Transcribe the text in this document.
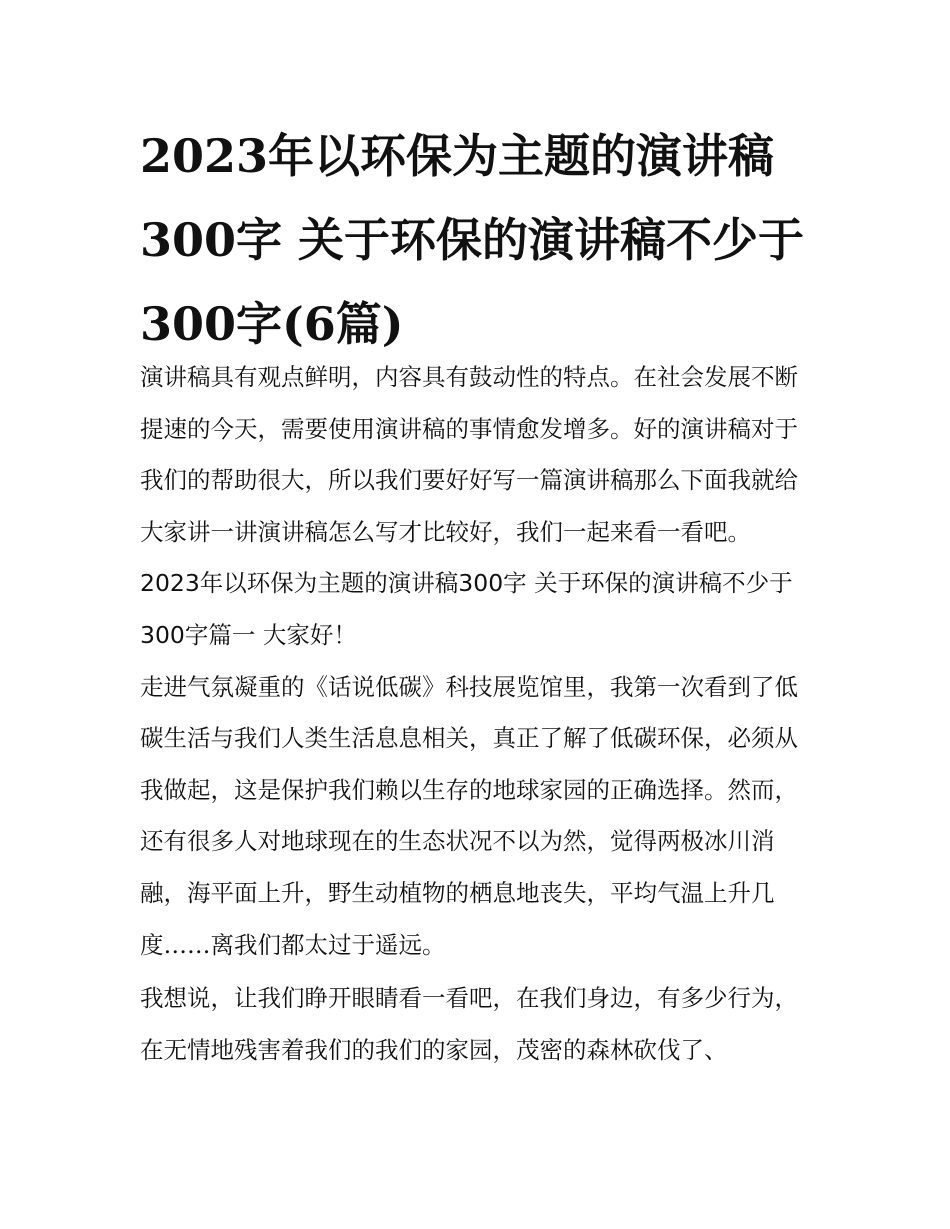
2023年以环保为主题的演讲稿300字 关于环保的演讲稿不少于300字(6篇)

演讲稿具有观点鲜明，内容具有鼓动性的特点。在社会发展不断提速的今天，需要使用演讲稿的事情愈发增多。好的演讲稿对于我们的帮助很大，所以我们要好好写一篇演讲稿那么下面我就给大家讲一讲演讲稿怎么写才比较好，我们一起来看一看吧。

2023年以环保为主题的演讲稿300字 关于环保的演讲稿不少于300字篇一 大家好！

走进气氛凝重的《话说低碳》科技展览馆里，我第一次看到了低碳生活与我们人类生活息息相关，真正了解了低碳环保，必须从我做起，这是保护我们赖以生存的地球家园的正确选择。然而，还有很多人对地球现在的生态状况不以为然，觉得两极冰川消融，海平面上升，野生动植物的栖息地丧失，平均气温上升几度……离我们都太过于遥远。

我想说，让我们睁开眼睛看一看吧，在我们身边，有多少行为，在无情地残害着我们的我们的家园，茂密的森林砍伐了、
